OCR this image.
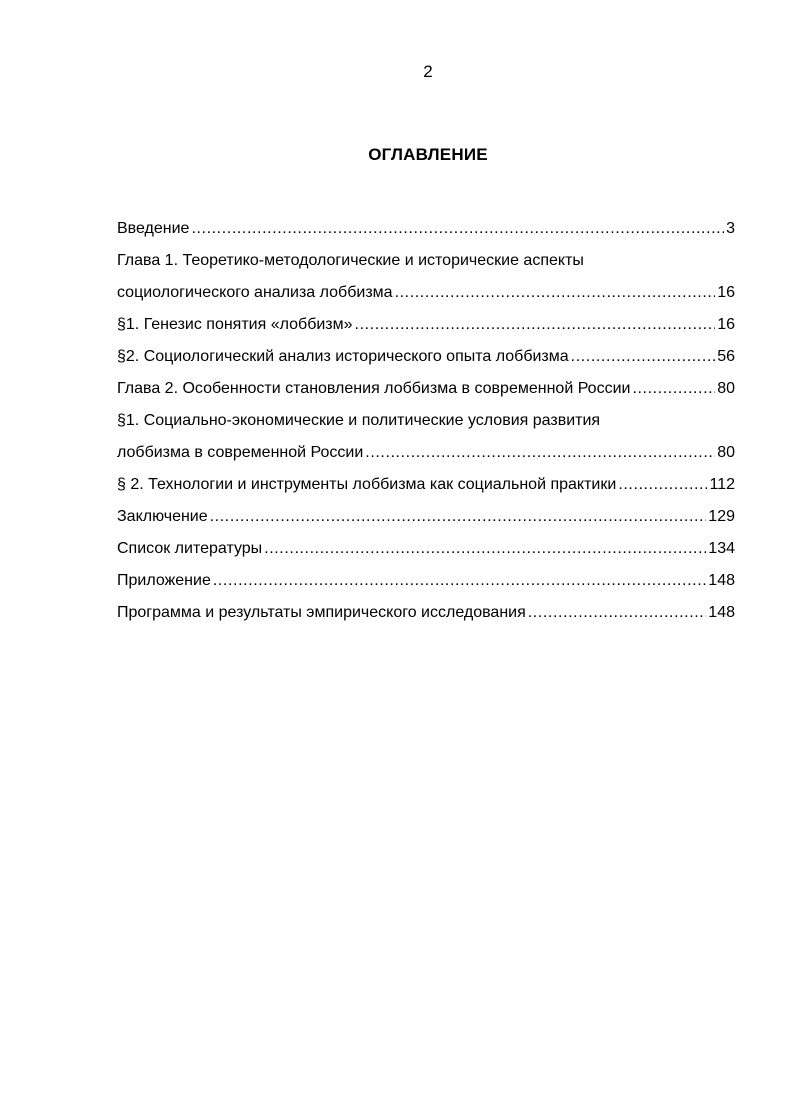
2
ОГЛАВЛЕНИЕ
Введение .....	3
Глава 1. Теоретико-методологические и исторические аспекты
социологического анализа лоббизма .....	16
§1. Генезис понятия «лоббизм» .....	16
§2. Социологический анализ исторического опыта лоббизма .....	56
Глава 2. Особенности становления лоббизма в современной России .....	80
§1. Социально-экономические и политические условия развития
лоббизма в современной России .....	80
§ 2. Технологии и инструменты лоббизма как социальной практики .....	112
Заключение .....	129
Список литературы .....	134
Приложение .....	148
Программа и результаты эмпирического исследования .....	148
